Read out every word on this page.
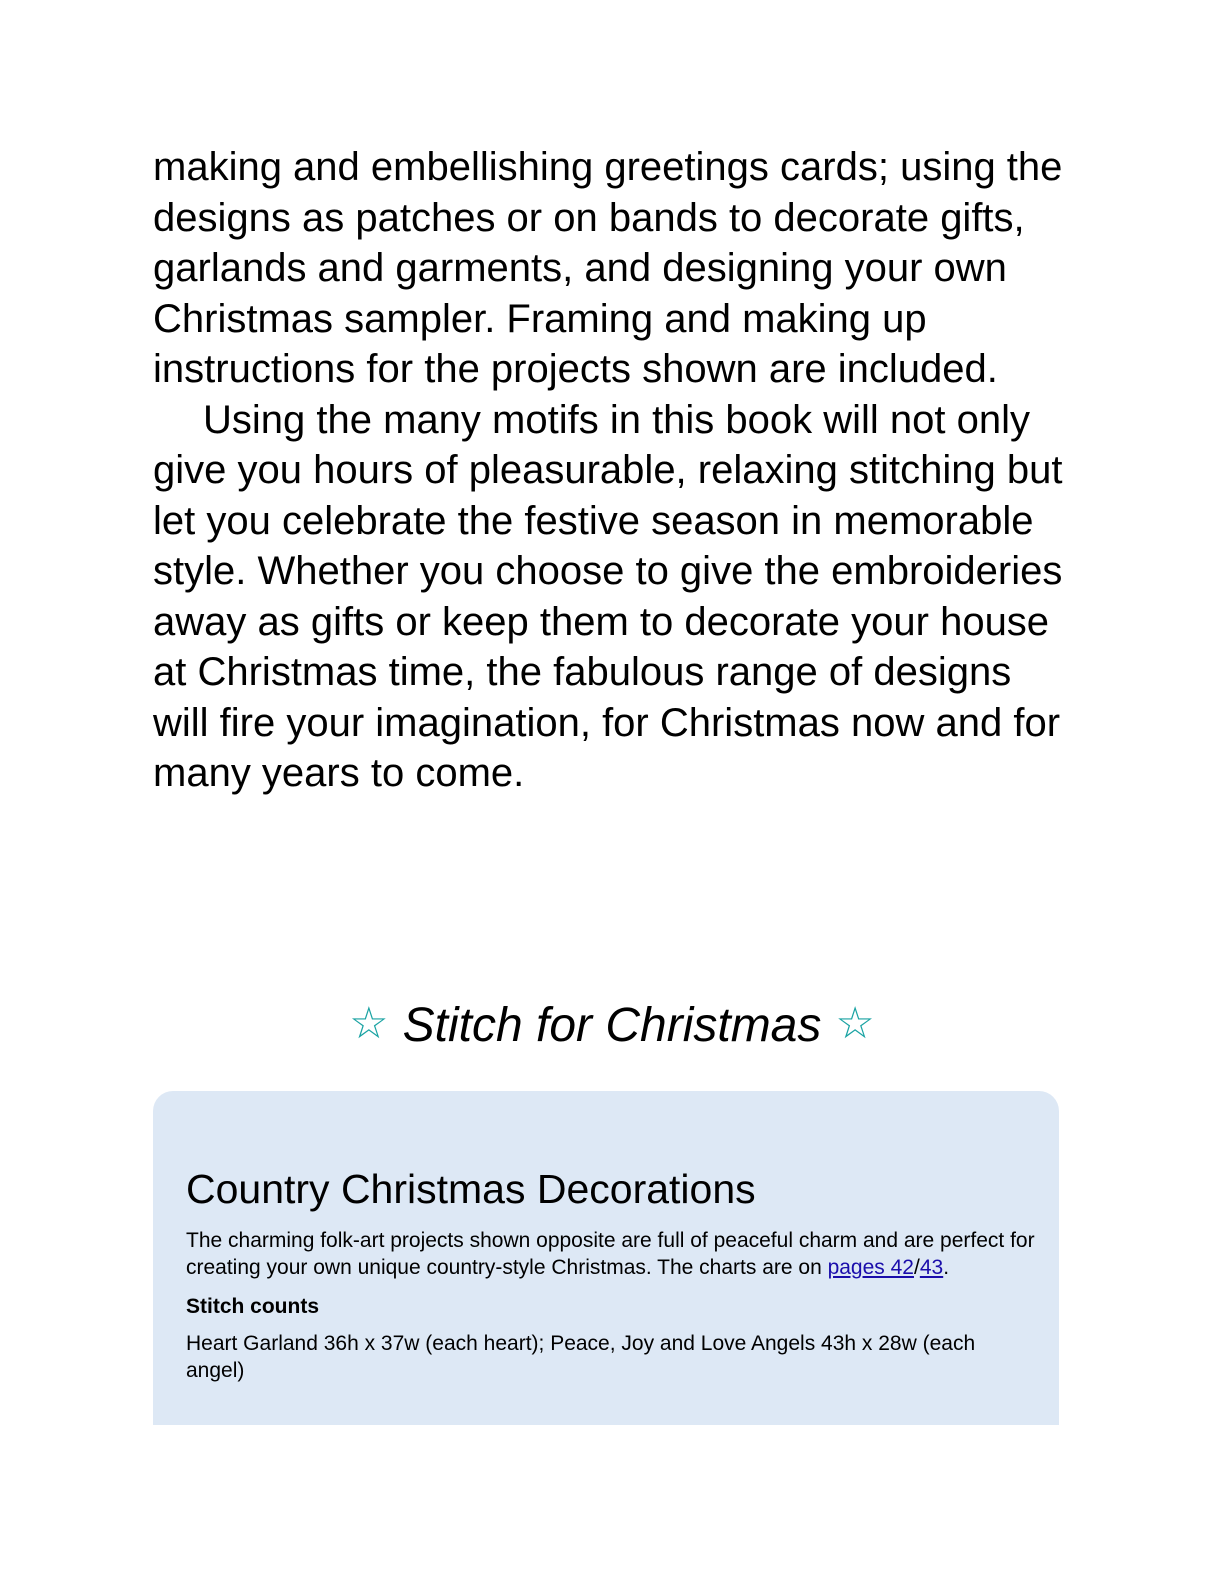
making and embellishing greetings cards; using the designs as patches or on bands to decorate gifts, garlands and garments, and designing your own Christmas sampler. Framing and making up instructions for the projects shown are included.

Using the many motifs in this book will not only give you hours of pleasurable, relaxing stitching but let you celebrate the festive season in memorable style. Whether you choose to give the embroideries away as gifts or keep them to decorate your house at Christmas time, the fabulous range of designs will fire your imagination, for Christmas now and for many years to come.

☆ Stitch for Christmas ☆
Country Christmas Decorations

The charming folk-art projects shown opposite are full of peaceful charm and are perfect for creating your own unique country-style Christmas. The charts are on pages 42/43.

Stitch counts

Heart Garland 36h x 37w (each heart); Peace, Joy and Love Angels 43h x 28w (each angel)
